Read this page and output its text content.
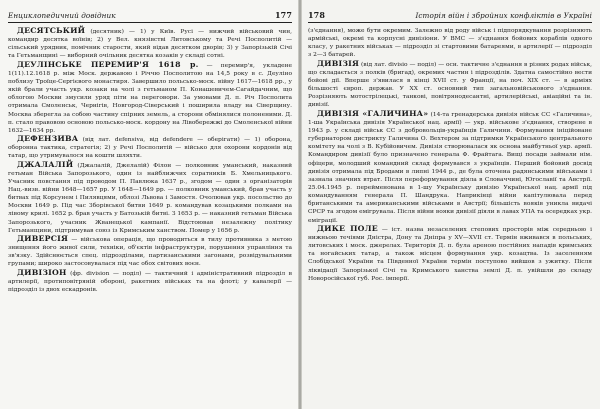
Енциклопедичний довідник	177

ДЕСЯТСЬКИЙ (десятник) — 1) у Київ. Русі — нижчий військовий чин, командир десятка воїнів; 2) у Вел. князівстві Литовському та Речі Посполитій — сільський урядник, помічник старости, який відав десятком дворів; 3) у Запорізькій Січі та Гетьманщині — виборний очільник десятка козаків у складі сотні.

ДЕУЛІНСЬКЕ ПЕРЕМИР'Я 1618 р. — перемир'я, укладене 1(11).12.1618 р. між Моск. державою і Річчю Посполитою на 14,5 року в с. Деуліно поблизу Троїце-Сергієвого монастиря. Завершило польсько-моск. війну 1617—1618 рр., у якій брали участь укр. козаки на чолі з гетьманом П. Конашевичем-Сагайдачним, що облогою Москви змусили уряд піти на переговори. За умовами Д. п. Річ Посполита отримала Смоленськ, Чернігів, Новгород-Сіверський і поширила владу на Сіверщину. Москва зберегла за собою частину спірних земель, а сторони обмінялися полоненими. Д. п. стало правовою основою польсько-моск. кордону на Лівобережжі до Смоленської війни 1632—1634 рр.

ДЕФЕНЗИВА (від лат. defensivа, від defendere — оберігати) — 1) оборона, оборонна тактика, стратегія; 2) у Речі Посполитій — військо для охорони кордонів від татар, що утримувалося на кошти шляхти.

ДЖАЛАЛІЙ (Джалалій, Джелалій) Філон — полковник уманський, наказний гетьман Війська Запорозького, один із найближчих соратників Б. Хмельницького. Учасник повстання під проводом П. Павлюка 1637 р., згодом — один з організаторів Нац.-визв. війни 1648—1657 рр. У 1648—1649 рр. — полковник уманський, брав участь у битвах під Корсунем і Пилявцями, облозі Львова і Замостя. Очолював укр. посольство до Москви 1649 р. Під час Зборівської битви 1649 р. командував козацькими полками на лівому крилі. 1652 р. брав участь у Батозькій битві. З 1653 р. — наказний гетьман Війська Запорозького, учасник Жванецької кампанії. Відстоював незалежну політику Гетьманщини, підтримував союз із Кримським ханством. Помер у 1656 р.

ДИВЕРСІЯ — військова операція, що проводиться в тилу противника з метою знищення його живої сили, техніки, об'єктів інфраструктури, порушення управління та зв'язку. Здійснюється спец. підрозділами, партизанськими загонами, розвідувальними групами; широко застосовувалася під час обох світових воєн.

ДИВІЗІОН (фр. division — поділ) — тактичний і адміністративний підрозділ в артилерії, протиповітряній обороні, ракетних військах та на флоті; у кавалерії — підрозділ із двох ескадронів.

178	Історія війн і збройних конфліктів в Україні

(з'єднання), може бути окремим. Залежно від роду військ і підпорядкування розрізняють армійські, окремі та корпусні дивізіони. У ВМС — з'єднання бойових кораблів одного класу, у ракетних військах — підрозділ зі стартовими батареями, в артилерії — підрозділ з 2—3 батарей.

ДИВІЗІЯ (від лат. divisio — поділ) — осн. тактичне з'єднання в різних родах військ, що складається з полків (бригад), окремих частин і підрозділів. Здатна самостійно вести бойові дії. Вперше з'явилася в кінці XVII ст. у Франції, на поч. XIX ст. — в арміях більшості європ. держав. У XX ст. основний тип загальновійськового з'єднання. Розрізняють мотострілецькі, танкові, повітрянодесантні, артилерійські, авіаційні та ін. дивізії.

ДИВІЗІЯ «ГАЛИЧИНА» (14-та гренадерська дивізія військ СС «Галичина», 1-ша Українська дивізія Української нац. армії) — укр. військове з'єднання, створене в 1943 р. у складі військ СС з добровольців-українців Галичини. Формування ініційоване губернатором дистрикту Галичина О. Вехтером за підтримки Українського центрального комітету на чолі з В. Кубійовичем. Дивізія створювалася як основа майбутньої укр. армії. Командиром дивізії було призначено генерала Ф. Фрайтага. Вищі посади займали нім. офіцери, молодший командний склад формувався з українців. Перший бойовий досвід дивізія отримала під Бродами в липні 1944 р., де була оточена радянськими військами і зазнала значних втрат. Після переформування діяла в Словаччині, Югославії та Австрії. 25.04.1945 р. перейменована в 1-шу Українську дивізію Української нац. армії під командуванням генерала П. Шандрука. Наприкінці війни капітулювала перед британськими та американськими військами в Австрії; більшість вояків уникла видачі СРСР та згодом емігрувала. Після війни вояки дивізії діяли в лавах УПА та осередках укр. еміграції.

ДИКЕ ПОЛЕ — іст. назва незаселених степових просторів між середньою і нижньою течіями Дністра, Дону та Дніпра у XV—XVII ст. Термін вживався в польських, литовських і моск. джерелах. Територія Д. п. була ареною постійних нападів кримських та ногайських татар, а також місцем формування укр. козацтва. Із заселенням Слобідської України та Південної України термін поступово вийшов з ужитку. Після ліквідації Запорізької Січі та Кримського ханства землі Д. п. увійшли до складу Новоросійської губ. Рос. імперії.
